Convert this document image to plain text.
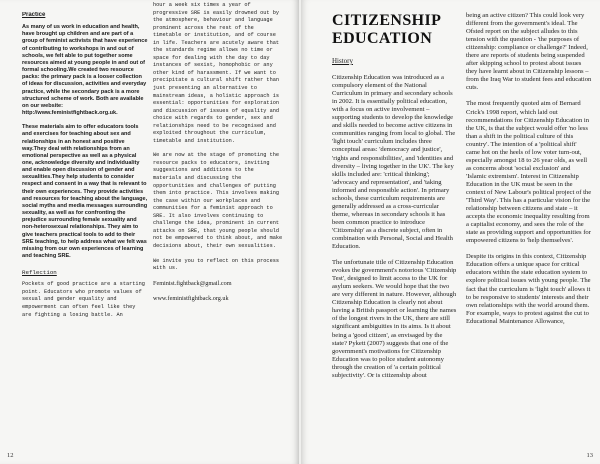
Practice

As many of us work in education and health, have brought up children and are part of a group of feminist activists that have experience of contributing to workshops in and out of schools, we felt able to put together some resources aimed at young people in and out of formal schooling.We created two resource packs: the primary pack is a looser collection of ideas for discussion, activities and everyday practice, while the secondary pack is a more structured scheme of work. Both are available on our website: http://www.feministfightback.org.uk.

These materials aim to offer educators tools and exercises for teaching about sex and relationships in an honest and positive way.They deal with relationships from an emotional perspective as well as a physical one, acknowledge diversity and individuality and enable open discussion of gender and sexualities.They help students to consider respect and consent in a way that is relevant to their own experiences. They provide activities and resources for teaching about the language, social myths and media messages surrounding sexuality, as well as for confronting the prejudice surrounding female sexuality and non-heterosexual relationships. They aim to give teachers practical tools to add to their SRE teaching, to help address what we felt was missing from our own experiences of learning and teaching SRE.

Reflection

Pockets of good practice are a starting point. Educators who promote values of sexual and gender equality and empowerment can often feel like they are fighting a losing battle. An

hour a week six times a year of progressive SRE is easily drowned out by the atmosphere, behaviour and language prominent across the rest of the timetable or institution, and of course in life. Teachers are acutely aware that the standards regime allows no time or space for dealing with the day to day instances of sexist, homophobic or any other kind of harassment. If we want to precipitate a cultural shift rather than just presenting an alternative to mainstream ideas, a holistic approach is essential: opportunities for exploration and discussion of issues of equality and choice with regards to gender, sex and relationships need to be recognised and exploited throughout the curriculum, timetable and institution.

We are now at the stage of promoting the resource packs to educators, inviting suggestions and additions to the materials and discussing the opportunities and challenges of putting them into practice. This involves making the case within our workplaces and communities for a feminist approach to SRE. It also involves continuing to challenge the idea, prominent in current attacks on SRE, that young people should not be empowered to think about, and make decisions about, their own sexualities.

We invite you to reflect on this process with us.

Feminist.fightback@gmail.com

www.feministfightback.org.uk

12
CITIZENSHIP
EDUCATION
History

Citizenship Education was introduced as a compulsory element of the National Curriculum in primary and secondary schools in 2002. It is essentially political education, with a focus on active involvement – supporting students to develop the knowledge and skills needed to become active citizens in communities ranging from local to global. The 'light touch' curriculum includes three conceptual areas: 'democracy and justice', 'rights and responsibilities', and 'identities and diversity – living together in the UK'. The key skills included are: 'critical thinking'; 'advocacy and representation', and 'taking informed and responsible action'. In primary schools, these curriculum requirements are generally addressed as a cross-curricular theme, whereas in secondary schools it has been common practice to introduce 'Citizenship' as a discrete subject, often in combination with Personal, Social and Health Education.

The unfortunate title of Citizenship Education evokes the government's notorious 'Citizenship Test', designed to limit access to the UK for asylum seekers. We would hope that the two are very different in nature. However, although Citizenship Education is clearly not about having a British passport or learning the names of the longest rivers in the UK, there are still significant ambiguities in its aims. Is it about being a 'good citizen', as envisaged by the state? Pykett (2007) suggests that one of the government's motivations for Citizenship Education was to police student autonomy through the creation of 'a certain political subjectivity'. Or is citizenship about

being an active citizen? This could look very different from the government's ideal. The Ofsted report on the subject alludes to this tension with the question - 'the purposes of citizenship: compliance or challenge?' Indeed, there are reports of students being suspended after skipping school to protest about issues they have learnt about in Citizenship lessons – from the Iraq War to student fees and education cuts.

The most frequently quoted aim of Bernard Crick's 1998 report, which laid out recommendations for Citizenship Education in the UK, is that the subject would offer 'no less than a shift in the political culture of this country'. The intention of a 'political shift' came hot on the heels of low voter turn-out, especially amongst 18 to 26 year olds, as well as concerns about 'social exclusion' and 'Islamic extremism'. Interest in Citizenship Education in the UK must be seen in the context of New Labour's political project of the 'Third Way'. This has a particular vision for the relationship between citizens and state – it accepts the economic inequality resulting from a capitalist economy, and sees the role of the state as providing support and opportunities for empowered citizens to 'help themselves'.

Despite its origins in this context, Citizenship Education offers a unique space for critical educators within the state education system to explore political issues with young people. The fact that the curriculum is 'light touch' allows it to be responsive to students' interests and their own relationships with the world around them. For example, ways to protest against the cut to Educational Maintenance Allowance,

13
